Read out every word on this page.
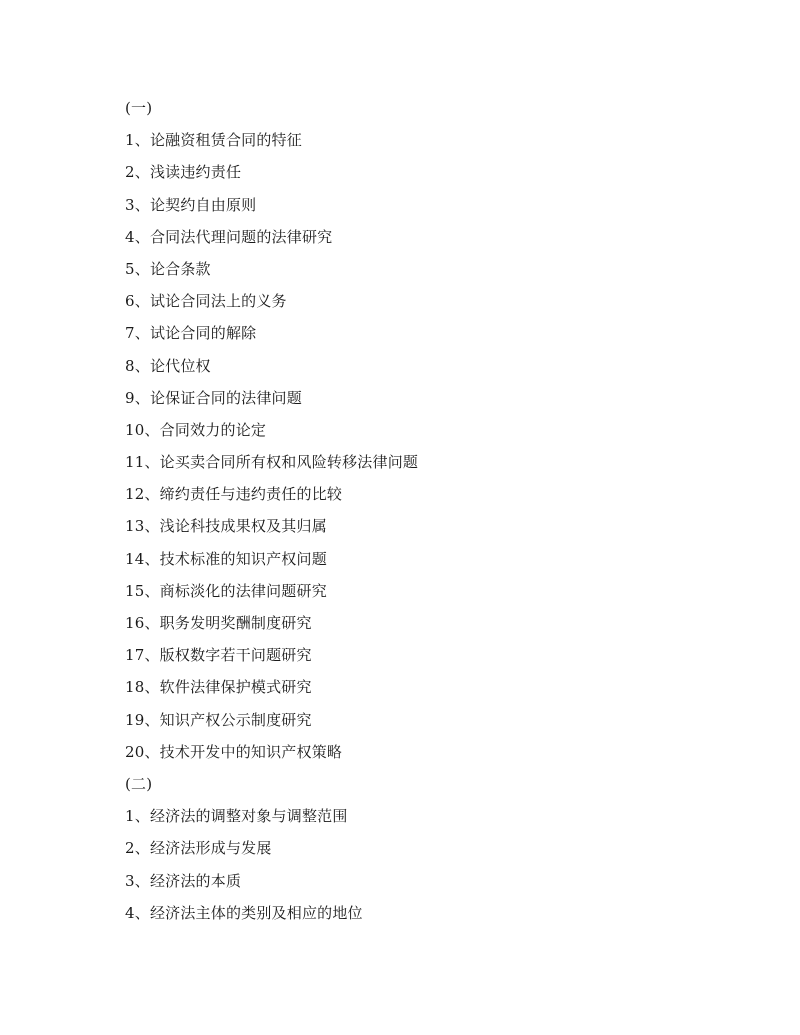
(一)
1、论融资租赁合同的特征
2、浅读违约责任
3、论契约自由原则
4、合同法代理问题的法律研究
5、论合条款
6、试论合同法上的义务
7、试论合同的解除
8、论代位权
9、论保证合同的法律问题
10、合同效力的论定
11、论买卖合同所有权和风险转移法律问题
12、缔约责任与违约责任的比较
13、浅论科技成果权及其归属
14、技术标准的知识产权问题
15、商标淡化的法律问题研究
16、职务发明奖酬制度研究
17、版权数字若干问题研究
18、软件法律保护模式研究
19、知识产权公示制度研究
20、技术开发中的知识产权策略
(二)
1、经济法的调整对象与调整范围
2、经济法形成与发展
3、经济法的本质
4、经济法主体的类别及相应的地位
